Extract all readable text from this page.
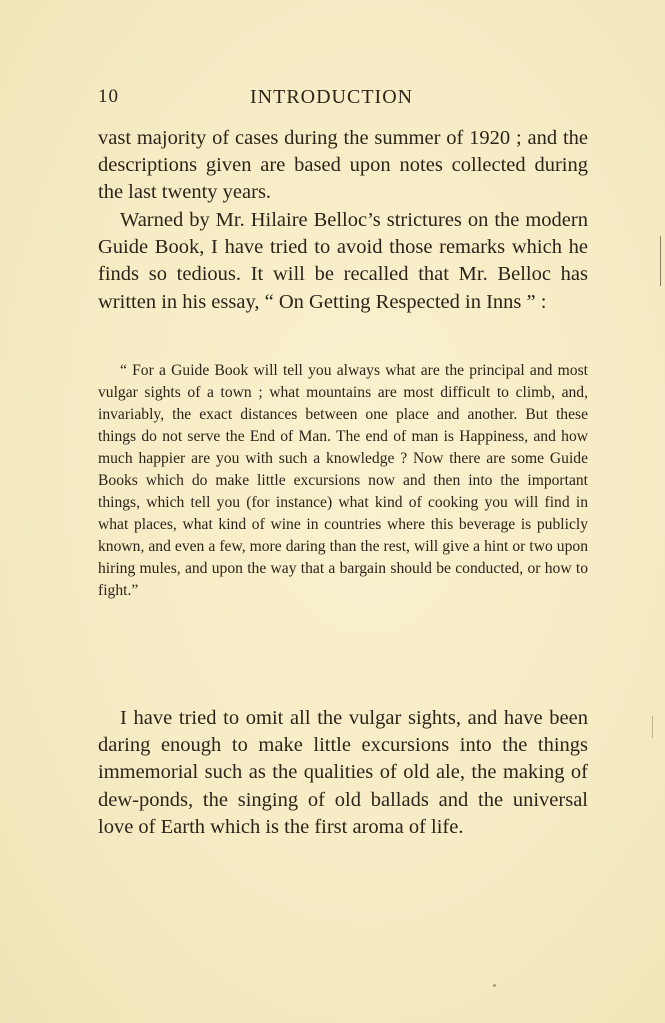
10	INTRODUCTION

vast majority of cases during the summer of 1920 ; and the descriptions given are based upon notes collected during the last twenty years.

Warned by Mr. Hilaire Belloc’s strictures on the modern Guide Book, I have tried to avoid those remarks which he finds so tedious. It will be recalled that Mr. Belloc has written in his essay, “ On Getting Respected in Inns ” :

“ For a Guide Book will tell you always what are the principal and most vulgar sights of a town ; what mountains are most difficult to climb, and, invariably, the exact distances between one place and another. But these things do not serve the End of Man. The end of man is Happiness, and how much happier are you with such a knowledge ? Now there are some Guide Books which do make little excursions now and then into the important things, which tell you (for instance) what kind of cooking you will find in what places, what kind of wine in countries where this beverage is publicly known, and even a few, more daring than the rest, will give a hint or two upon hiring mules, and upon the way that a bargain should be conducted, or how to fight.”

I have tried to omit all the vulgar sights, and have been daring enough to make little excursions into the things immemorial such as the qualities of old ale, the making of dew-ponds, the singing of old ballads and the universal love of Earth which is the first aroma of life.
